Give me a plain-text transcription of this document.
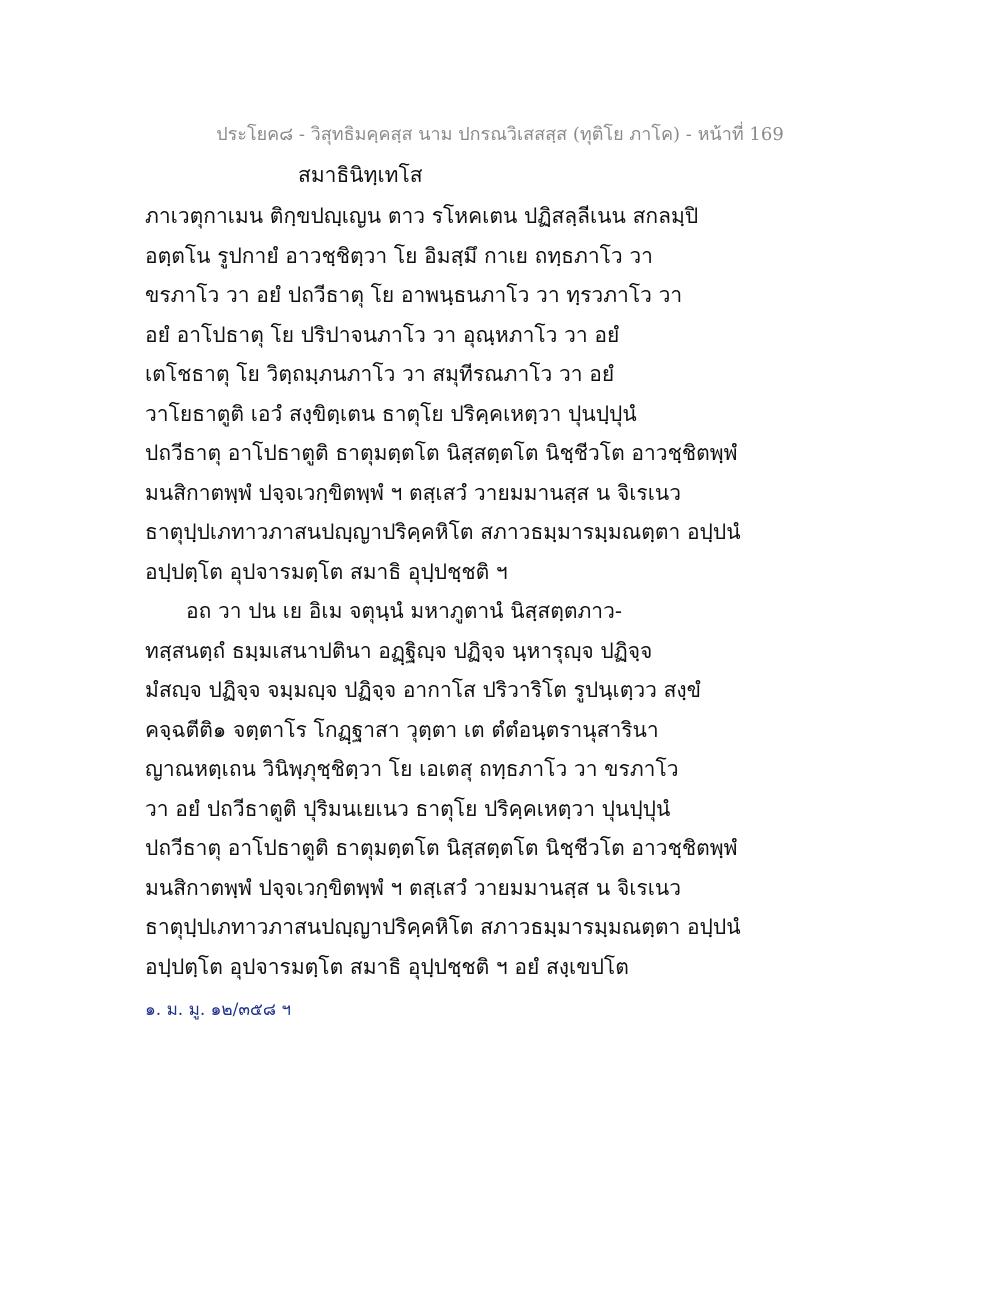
ประโยค๘ - วิสุทธิมคฺคสฺส นาม ปกรณวิเสสสฺส (ทุติโย ภาโค) - หน้าที่ 169
สมาธินิทฺเทโส
ภาเวตุกาเมน ติกฺขปญฺเญน ตาว รโหคเตน ปฏิสลฺลีเนน สกลมฺปิ
อตฺตโน รูปกายํ อาวชฺชิตฺวา โย อิมสฺมึ กาเย ถทฺธภาโว วา
ขรภาโว วา อยํ ปถวีธาตุ โย อาพนฺธนภาโว วา ทฺรวภาโว วา
อยํ อาโปธาตุ โย ปริปาจนภาโว วา อุณฺหภาโว วา อยํ
เตโชธาตุ โย วิตฺถมฺภนภาโว วา สมุทีรณภาโว วา อยํ
วาโยธาตูติ เอวํ สงฺขิตฺเตน ธาตุโย ปริคฺคเหตฺวา ปุนปฺปุนํ
ปถวีธาตุ อาโปธาตูติ ธาตุมตฺตโต นิสฺสตฺตโต นิชฺชีวโต อาวชฺชิตพฺพํ
มนสิกาตพฺพํ ปจฺจเวกฺขิตพฺพํ ฯ ตสฺเสวํ วายมมานสฺส น จิเรเนว
ธาตุปฺปเภทาวภาสนปญฺญาปริคฺคหิโต สภาวธมฺมารมฺมณตฺตา อปฺปนํ
อปฺปตฺโต อุปจารมตฺโต สมาธิ อุปฺปชฺชติ ฯ
อถ วา ปน เย อิเม จตุนฺนํ มหาภูตานํ นิสฺสตฺตภาว-
ทสฺสนตฺถํ ธมฺมเสนาปตินา อฏฺฐิญฺจ ปฏิจฺจ นฺหารุญฺจ ปฏิจฺจ
มํสญฺจ ปฏิจฺจ จมฺมญฺจ ปฏิจฺจ อากาโส ปริวาริโต รูปนฺเตฺวว สงฺขํ
คจฺฉตีติ๑ จตฺตาโร โกฏฺฐาสา วุตฺตา เต ตํตํอนฺตรานุสารินา
ญาณหตฺเถน วินิพฺภุชฺชิตฺวา โย เอเตสุ ถทฺธภาโว วา ขรภาโว
วา อยํ ปถวีธาตูติ ปุริมนเยเนว ธาตุโย ปริคฺคเหตฺวา ปุนปฺปุนํ
ปถวีธาตุ อาโปธาตูติ ธาตุมตฺตโต นิสฺสตฺตโต นิชฺชีวโต อาวชฺชิตพฺพํ
มนสิกาตพฺพํ ปจฺจเวกฺขิตพฺพํ ฯ ตสฺเสวํ วายมมานสฺส น จิเรเนว
ธาตุปฺปเภทาวภาสนปญฺญาปริคฺคหิโต สภาวธมฺมารมฺมณตฺตา อปฺปนํ
อปฺปตฺโต อุปจารมตฺโต สมาธิ อุปฺปชฺชติ ฯ อยํ สงฺเขปโต
๑. ม. มู. ๑๒/๓๕๘ ฯ
